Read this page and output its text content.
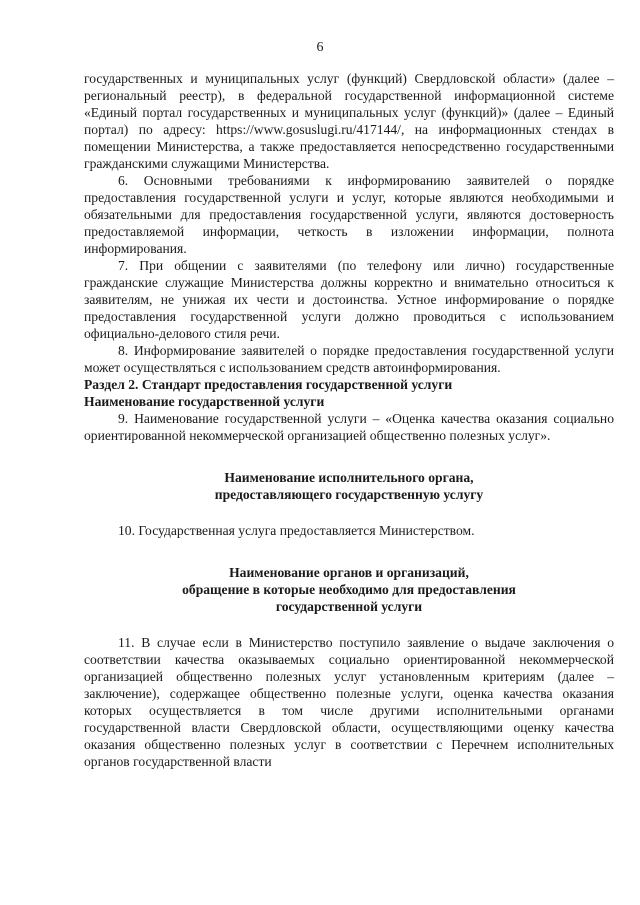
6

государственных и муниципальных услуг (функций) Свердловской области» (далее – региональный реестр), в федеральной государственной информационной системе «Единый портал государственных и муниципальных услуг (функций)» (далее – Единый портал) по адресу: https://www.gosuslugi.ru/417144/, на информационных стендах в помещении Министерства, а также предоставляется непосредственно государственными гражданскими служащими Министерства.

6. Основными требованиями к информированию заявителей о порядке предоставления государственной услуги и услуг, которые являются необходимыми и обязательными для предоставления государственной услуги, являются достоверность предоставляемой информации, четкость в изложении информации, полнота информирования.

7. При общении с заявителями (по телефону или лично) государственные гражданские служащие Министерства должны корректно и внимательно относиться к заявителям, не унижая их чести и достоинства. Устное информирование о порядке предоставления государственной услуги должно проводиться с использованием официально-делового стиля речи.

8. Информирование заявителей о порядке предоставления государственной услуги может осуществляться с использованием средств автоинформирования.

Раздел 2. Стандарт предоставления государственной услуги

Наименование государственной услуги

9. Наименование государственной услуги – «Оценка качества оказания социально ориентированной некоммерческой организацией общественно полезных услуг».

Наименование исполнительного органа,
предоставляющего государственную услугу

10. Государственная услуга предоставляется Министерством.

Наименование органов и организаций,
обращение в которые необходимо для предоставления
государственной услуги

11. В случае если в Министерство поступило заявление о выдаче заключения о соответствии качества оказываемых социально ориентированной некоммерческой организацией общественно полезных услуг установленным критериям (далее – заключение), содержащее общественно полезные услуги, оценка качества оказания которых осуществляется в том числе другими исполнительными органами государственной власти Свердловской области, осуществляющими оценку качества оказания общественно полезных услуг в соответствии с Перечнем исполнительных органов государственной власти
